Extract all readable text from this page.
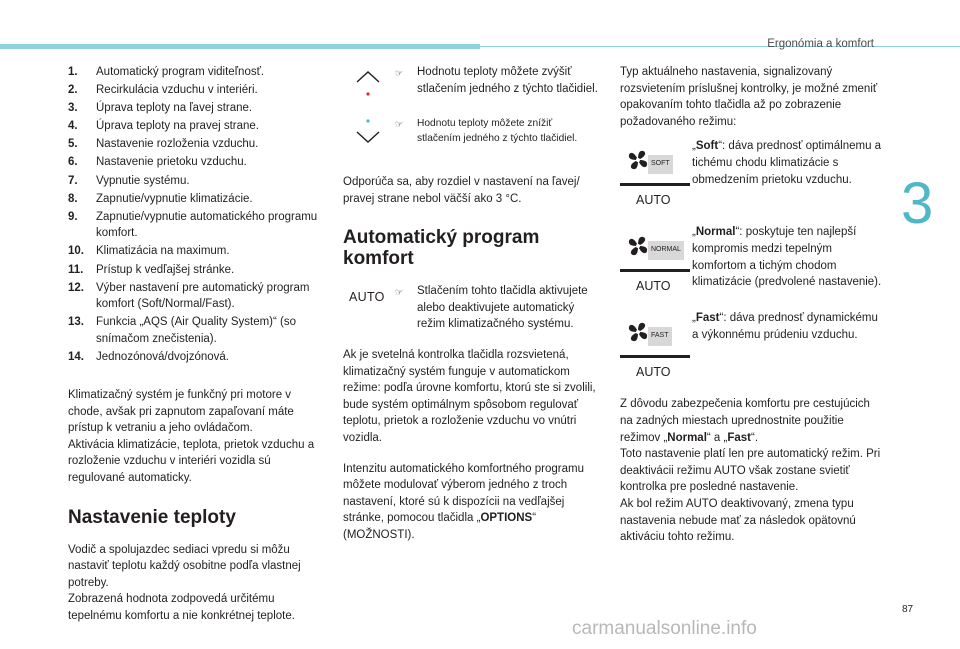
Ergonómia a komfort
3
87
carmanualsonline.info
1. Automatický program viditeľnosť.
2. Recirkulácia vzduchu v interiéri.
3. Úprava teploty na ľavej strane.
4. Úprava teploty na pravej strane.
5. Nastavenie rozloženia vzduchu.
6. Nastavenie prietoku vzduchu.
7. Vypnutie systému.
8. Zapnutie/vypnutie klimatizácie.
9. Zapnutie/vypnutie automatického programu komfort.
10. Klimatizácia na maximum.
11. Prístup k vedľajšej stránke.
12. Výber nastavení pre automatický program komfort (Soft/Normal/Fast).
13. Funkcia „AQS (Air Quality System)“ (so snímačom znečistenia).
14. Jednozónová/dvojzónová.

Klimatizačný systém je funkčný pri motore v chode, avšak pri zapnutom zapaľovaní máte prístup k vetraniu a jeho ovládačom.

Aktivácia klimatizácie, teplota, prietok vzduchu a rozloženie vzduchu v interiéri vozidla sú regulované automaticky.

Nastavenie teploty

Vodič a spolujazdec sediaci vpredu si môžu nastaviť teplotu každý osobitne podľa vlastnej potreby.

Zobrazená hodnota zodpovedá určitému tepelnému komfortu a nie konkrétnej teplote.

☞ Hodnotu teploty môžete zvýšiť stlačením jedného z týchto tlačidiel.
☞ Hodnotu teploty môžete znížiť stlačením jedného z týchto tlačidiel.

Odporúča sa, aby rozdiel v nastavení na ľavej/ pravej strane nebol väčší ako 3 °C.

Automatický program komfort
AUTO	☞ Stlačením tohto tlačidla aktivujete alebo deaktivujete automatický režim klimatizačného systému.

Ak je svetelná kontrolka tlačidla rozsvietená, klimatizačný systém funguje v automatickom režime: podľa úrovne komfortu, ktorú ste si zvolili, bude systém optimálnym spôsobom regulovať teplotu, prietok a rozloženie vzduchu vo vnútri vozidla.

Intenzitu automatického komfortného programu môžete modulovať výberom jedného z troch nastavení, ktoré sú k dispozícii na vedľajšej stránke, pomocou tlačidla „OPTIONS“ (MOŽNOSTI).

Typ aktuálneho nastavenia, signalizovaný rozsvietením príslušnej kontrolky, je možné zmeniť opakovaním tohto tlačidla až po zobrazenie požadovaného režimu:

SOFT
AUTO
„Soft“: dáva prednosť optimálnemu a tichému chodu klimatizácie s obmedzením prietoku vzduchu.
NORMAL
AUTO
„Normal“: poskytuje ten najlepší kompromis medzi tepelným komfortom a tichým chodom klimatizácie (predvolené nastavenie).
FAST
AUTO
„Fast“: dáva prednosť dynamickému a výkonnému prúdeniu vzduchu.

Z dôvodu zabezpečenia komfortu pre cestujúcich na zadných miestach uprednostnite použitie režimov „Normal“ a „Fast“.

Toto nastavenie platí len pre automatický režim. Pri deaktivácii režimu AUTO však zostane svietiť kontrolka pre posledné nastavenie.

Ak bol režim AUTO deaktivovaný, zmena typu nastavenia nebude mať za následok opätovnú aktiváciu tohto režimu.
